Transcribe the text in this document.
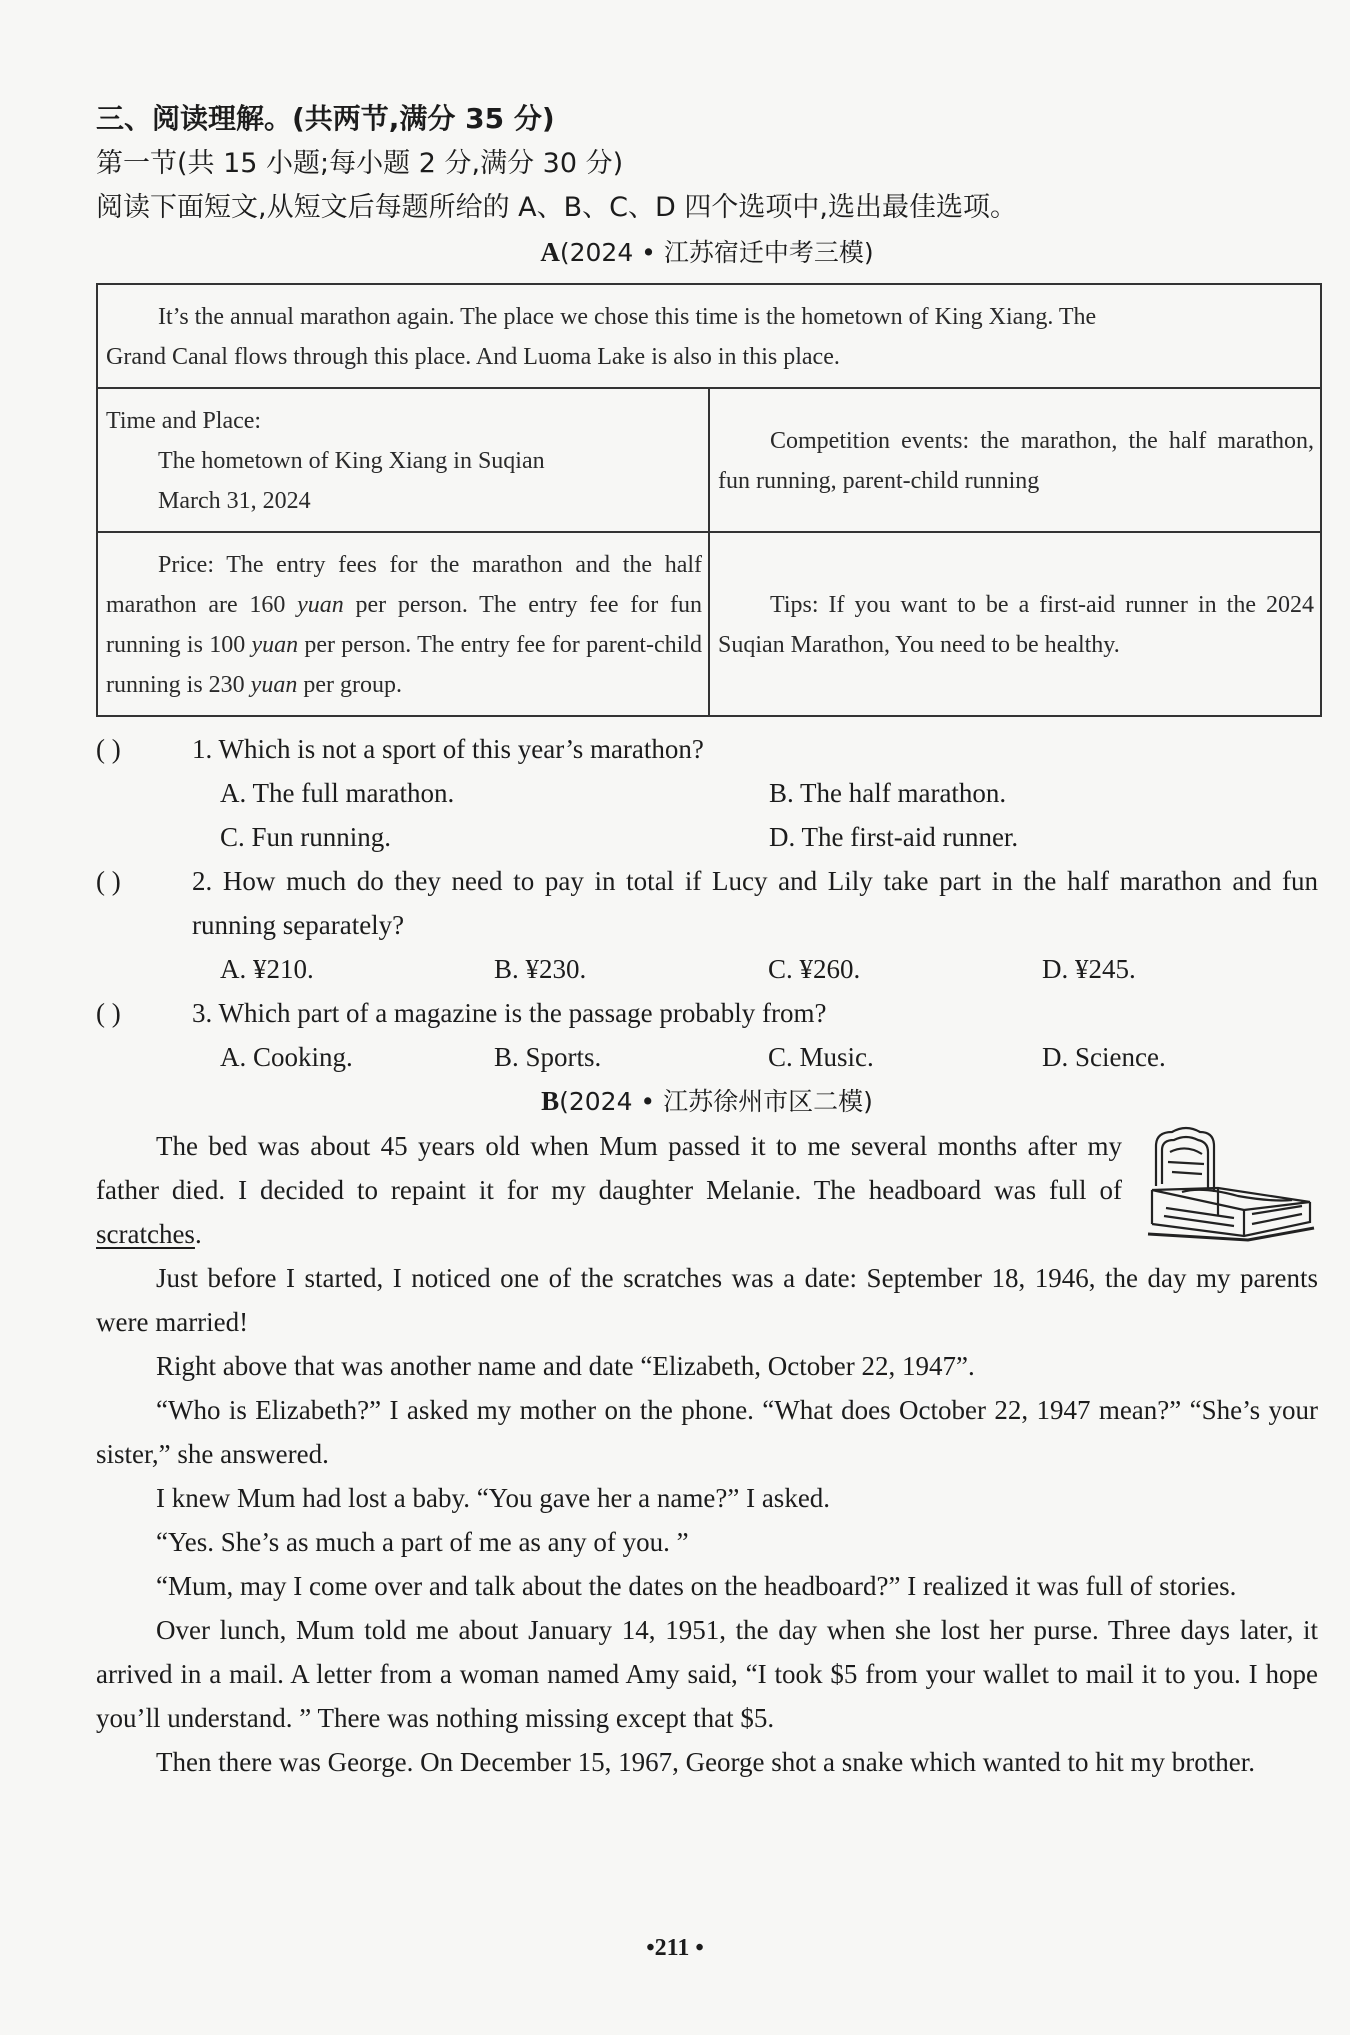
三、阅读理解。(共两节,满分 35 分)
第一节(共 15 小题;每小题 2 分,满分 30 分)
阅读下面短文,从短文后每题所给的 A、B、C、D 四个选项中,选出最佳选项。
A(2024 • 江苏宿迁中考三模)
It’s the annual marathon again. The place we chose this time is the hometown of King Xiang. The
Grand Canal flows through this place. And Luoma Lake is also in this place.	

Time and Place:
The hometown of King Xiang in Suqian
March 31, 2024	Competition events: the marathon, the half marathon, fun running, parent-child running

Price: The entry fees for the marathon and the half marathon are 160 yuan per person. The entry fee for fun running is 100 yuan per person. The entry fee for parent-child running is 230 yuan per group.	Tips: If you want to be a first-aid runner in the 2024 Suqian Marathon, You need to be healthy.
( )	1. Which is not a sport of this year’s marathon?
A. The full marathon.	B. The half marathon.
C. Fun running.	D. The first-aid runner.
( )	2. How much do they need to pay in total if Lucy and Lily take part in the half marathon and fun running separately?
A. ¥210.	B. ¥230.	C. ¥260.	D. ¥245.
( )	3. Which part of a magazine is the passage probably from?
A. Cooking.	B. Sports.	C. Music.	D. Science.
B(2024 • 江苏徐州市区二模)

The bed was about 45 years old when Mum passed it to me several months after my father died. I decided to repaint it for my daughter Melanie. The headboard was full of scratches.

Just before I started, I noticed one of the scratches was a date: September 18, 1946, the day my parents were married!

Right above that was another name and date “Elizabeth, October 22, 1947”.

“Who is Elizabeth?” I asked my mother on the phone. “What does October 22, 1947 mean?” “She’s your sister,” she answered.

I knew Mum had lost a baby. “You gave her a name?” I asked.

“Yes. She’s as much a part of me as any of you. ”

“Mum, may I come over and talk about the dates on the headboard?” I realized it was full of stories.

Over lunch, Mum told me about January 14, 1951, the day when she lost her purse. Three days later, it arrived in a mail. A letter from a woman named Amy said, “I took $5 from your wallet to mail it to you. I hope you’ll understand. ” There was nothing missing except that $5.

Then there was George. On December 15, 1967, George shot a snake which wanted to hit my brother.

•211 •
